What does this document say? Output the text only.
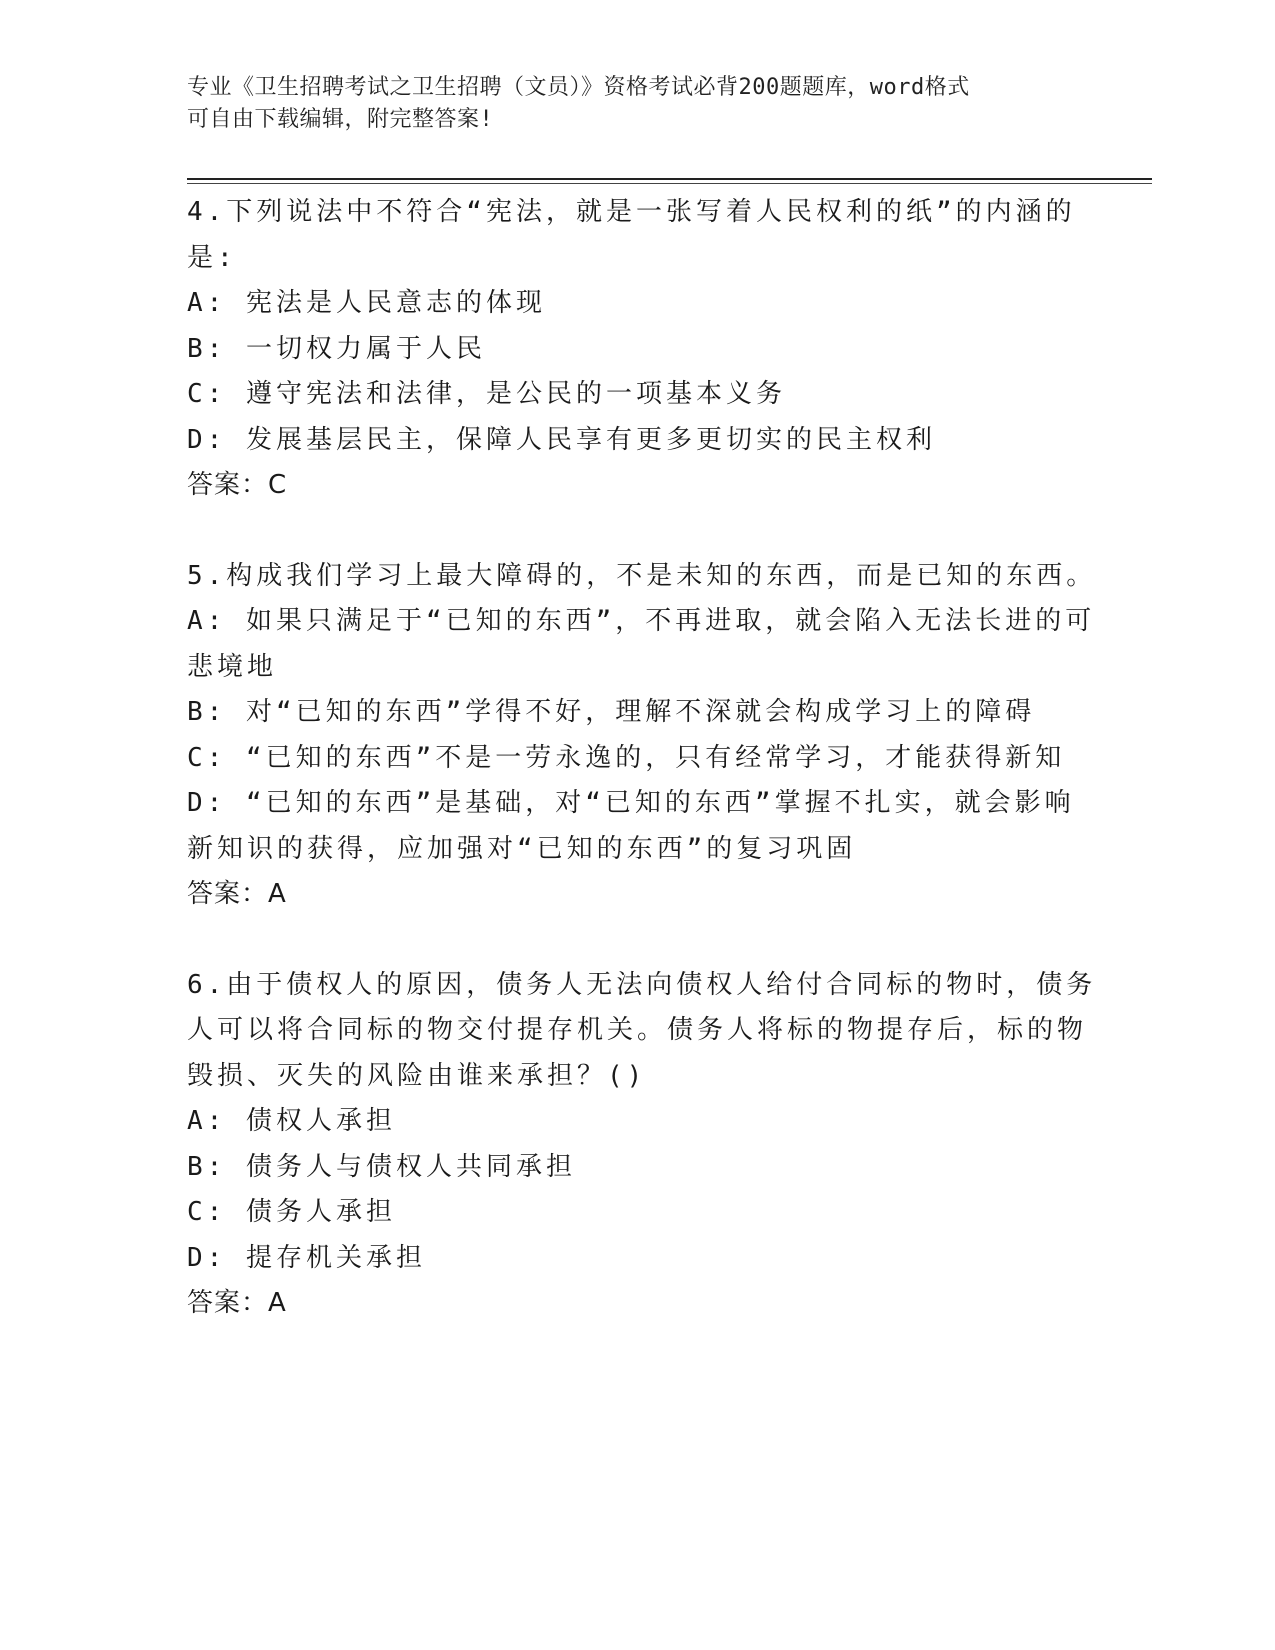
专业《卫生招聘考试之卫生招聘（文员）》资格考试必背200题题库，word格式
可自由下载编辑，附完整答案!
4.下列说法中不符合“宪法，就是一张写着人民权利的纸”的内涵的
是:
A: 宪法是人民意志的体现
B: 一切权力属于人民
C: 遵守宪法和法律，是公民的一项基本义务
D: 发展基层民主，保障人民享有更多更切实的民主权利
答案：C
5.构成我们学习上最大障碍的，不是未知的东西，而是已知的东西。
A: 如果只满足于“已知的东西”，不再进取，就会陷入无法长进的可
悲境地
B: 对“已知的东西”学得不好，理解不深就会构成学习上的障碍
C: “已知的东西”不是一劳永逸的，只有经常学习，才能获得新知
D: “已知的东西”是基础，对“已知的东西”掌握不扎实，就会影响
新知识的获得，应加强对“已知的东西”的复习巩固
答案：A
6.由于债权人的原因，债务人无法向债权人给付合同标的物时，债务
人可以将合同标的物交付提存机关。债务人将标的物提存后，标的物
毁损、灭失的风险由谁来承担？()
A: 债权人承担
B: 债务人与债权人共同承担
C: 债务人承担
D: 提存机关承担
答案：A
